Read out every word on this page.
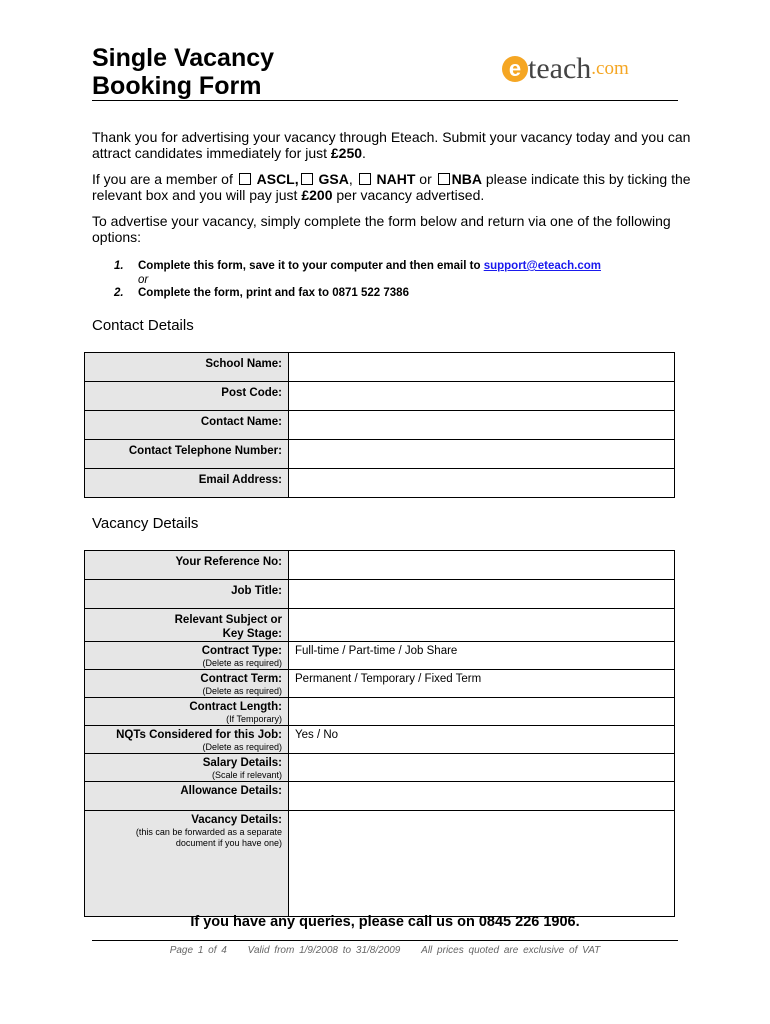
Single Vacancy
Booking Form
e teach.com
Thank you for advertising your vacancy through Eteach. Submit your vacancy today and you can attract candidates immediately for just £250.
If you are a member of  ASCL, GSA,  NAHT or NBA please indicate this by ticking the relevant box and you will pay just £200 per vacancy advertised.
To advertise your vacancy, simply complete the form below and return via one of the following options:
1. Complete this form, save it to your computer and then email to support@eteach.com
or
2. Complete the form, print and fax to 0871 522 7386
Contact Details
School Name:	
Post Code:	
Contact Name:	
Contact Telephone Number:	
Email Address:	
Vacancy Details
Your Reference No:	
Job Title:	
Relevant Subject or
Key Stage:	
Contract Type:
(Delete as required)	Full-time / Part-time / Job Share
Contract Term:
(Delete as required)	Permanent / Temporary / Fixed Term
Contract Length:
(If Temporary)	

NQTs Considered for this Job:
(Delete as required)	Yes / No
Salary Details:
(Scale if relevant)	

Allowance Details:	
Vacancy Details:
(this can be forwarded as a separate
document if you have one)	

If you have any queries, please call us on 0845 226 1906.
Page 1 of 4 Valid from 1/9/2008 to 31/8/2009 All prices quoted are exclusive of VAT
